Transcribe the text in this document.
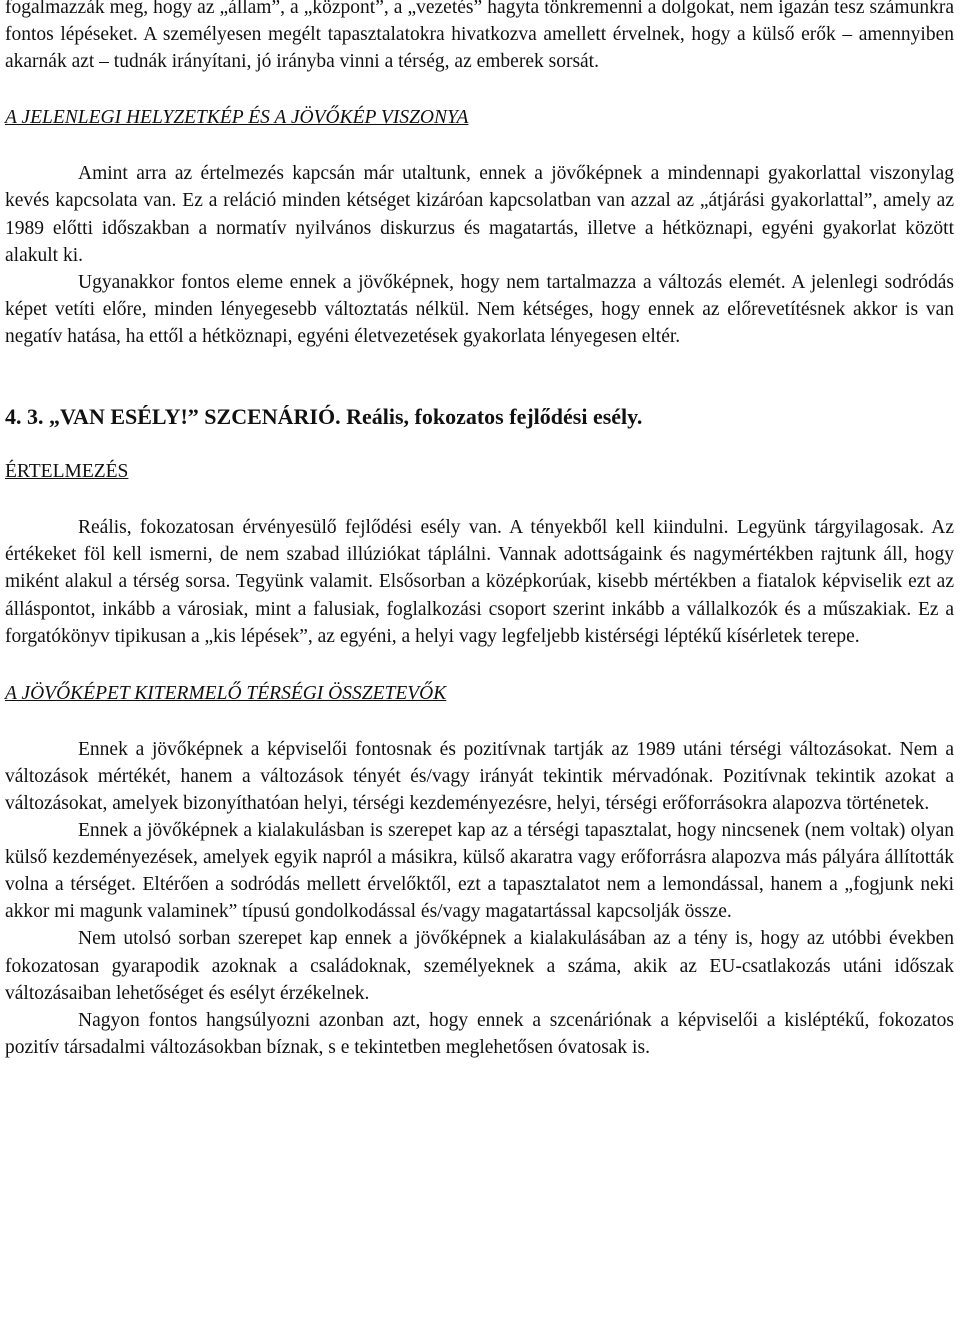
fogalmazzák meg, hogy az „állam”, a „központ”, a „vezetés” hagyta tönkremenni a dolgokat, nem igazán tesz számunkra fontos lépéseket. A személyesen megélt tapasztalatokra hivatkozva amellett érvelnek, hogy a külső erők ‒ amennyiben akarnák azt ‒ tudnák irányítani, jó irányba vinni a térség, az emberek sorsát.

A JELENLEGI HELYZETKÉP ÉS A JÖVŐKÉP VISZONYA

Amint arra az értelmezés kapcsán már utaltunk, ennek a jövőképnek a mindennapi gyakorlattal viszonylag kevés kapcsolata van. Ez a reláció minden kétséget kizáróan kapcsolatban van azzal az „átjárási gyakorlattal”, amely az 1989 előtti időszakban a normatív nyilvános diskurzus és magatartás, illetve a hétköznapi, egyéni gyakorlat között alakult ki.

Ugyanakkor fontos eleme ennek a jövőképnek, hogy nem tartalmazza a változás elemét. A jelenlegi sodródás képet vetíti előre, minden lényegesebb változtatás nélkül. Nem kétséges, hogy ennek az előrevetítésnek akkor is van negatív hatása, ha ettől a hétköznapi, egyéni életvezetések gyakorlata lényegesen eltér.

4. 3. „VAN ESÉLY!” SZCENÁRIÓ. Reális, fokozatos fejlődési esély.

ÉRTELMEZÉS

Reális, fokozatosan érvényesülő fejlődési esély van. A tényekből kell kiindulni. Legyünk tárgyilagosak. Az értékeket föl kell ismerni, de nem szabad illúziókat táplálni. Vannak adottságaink és nagymértékben rajtunk áll, hogy miként alakul a térség sorsa. Tegyünk valamit. Elsősorban a középkorúak, kisebb mértékben a fiatalok képviselik ezt az álláspontot, inkább a városiak, mint a falusiak, foglalkozási csoport szerint inkább a vállalkozók és a műszakiak. Ez a forgatókönyv tipikusan a „kis lépések”, az egyéni, a helyi vagy legfeljebb kistérségi léptékű kísérletek terepe.

A JÖVŐKÉPET KITERMELŐ TÉRSÉGI ÖSSZETEVŐK

Ennek a jövőképnek a képviselői fontosnak és pozitívnak tartják az 1989 utáni térségi változásokat. Nem a változások mértékét, hanem a változások tényét és/vagy irányát tekintik mérvadónak. Pozitívnak tekintik azokat a változásokat, amelyek bizonyíthatóan helyi, térségi kezdeményezésre, helyi, térségi erőforrásokra alapozva történetek.

Ennek a jövőképnek a kialakulásban is szerepet kap az a térségi tapasztalat, hogy nincsenek (nem voltak) olyan külső kezdeményezések, amelyek egyik napról a másikra, külső akaratra vagy erőforrásra alapozva más pályára állították volna a térséget. Eltérően a sodródás mellett érvelőktől, ezt a tapasztalatot nem a lemondással, hanem a „fogjunk neki akkor mi magunk valaminek” típusú gondolkodással és/vagy magatartással kapcsolják össze.

Nem utolsó sorban szerepet kap ennek a jövőképnek a kialakulásában az a tény is, hogy az utóbbi években fokozatosan gyarapodik azoknak a családoknak, személyeknek a száma, akik az EU-csatlakozás utáni időszak változásaiban lehetőséget és esélyt érzékelnek.

Nagyon fontos hangsúlyozni azonban azt, hogy ennek a szcenáriónak a képviselői a kisléptékű, fokozatos pozitív társadalmi változásokban bíznak, s e tekintetben meglehetősen óvatosak is.
